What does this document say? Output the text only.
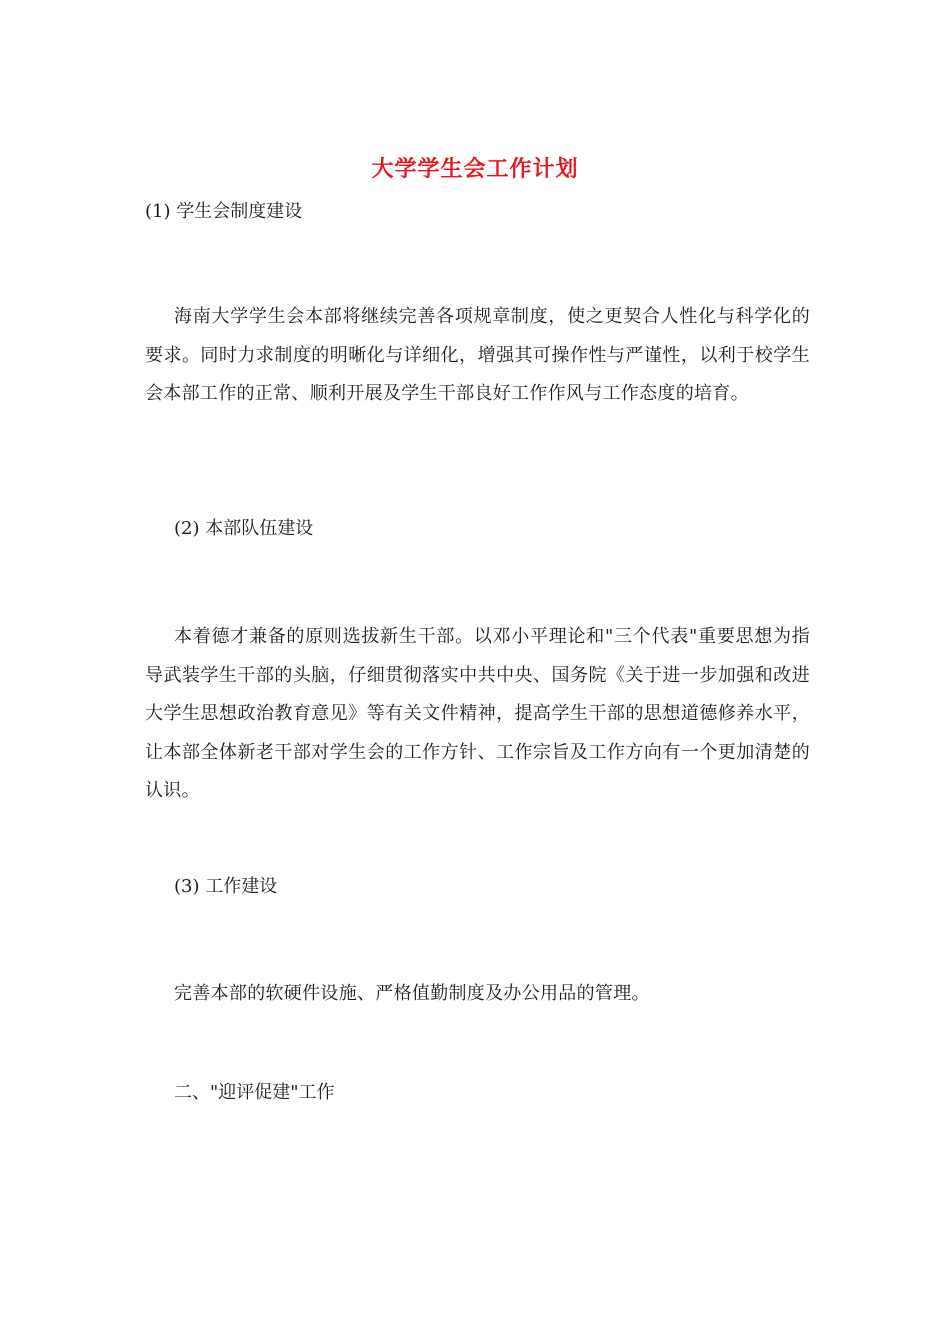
大学学生会工作计划

(1) 学生会制度建设

海南大学学生会本部将继续完善各项规章制度，使之更契合人性化与科学化的要求。同时力求制度的明晰化与详细化，增强其可操作性与严谨性，以利于校学生会本部工作的正常、顺利开展及学生干部良好工作作风与工作态度的培育。

(2) 本部队伍建设

本着德才兼备的原则选拔新生干部。以邓小平理论和"三个代表"重要思想为指导武装学生干部的头脑，仔细贯彻落实中共中央、国务院《关于进一步加强和改进大学生思想政治教育意见》等有关文件精神，提高学生干部的思想道德修养水平，让本部全体新老干部对学生会的工作方针、工作宗旨及工作方向有一个更加清楚的认识。

(3) 工作建设

完善本部的软硬件设施、严格值勤制度及办公用品的管理。

二、"迎评促建"工作
